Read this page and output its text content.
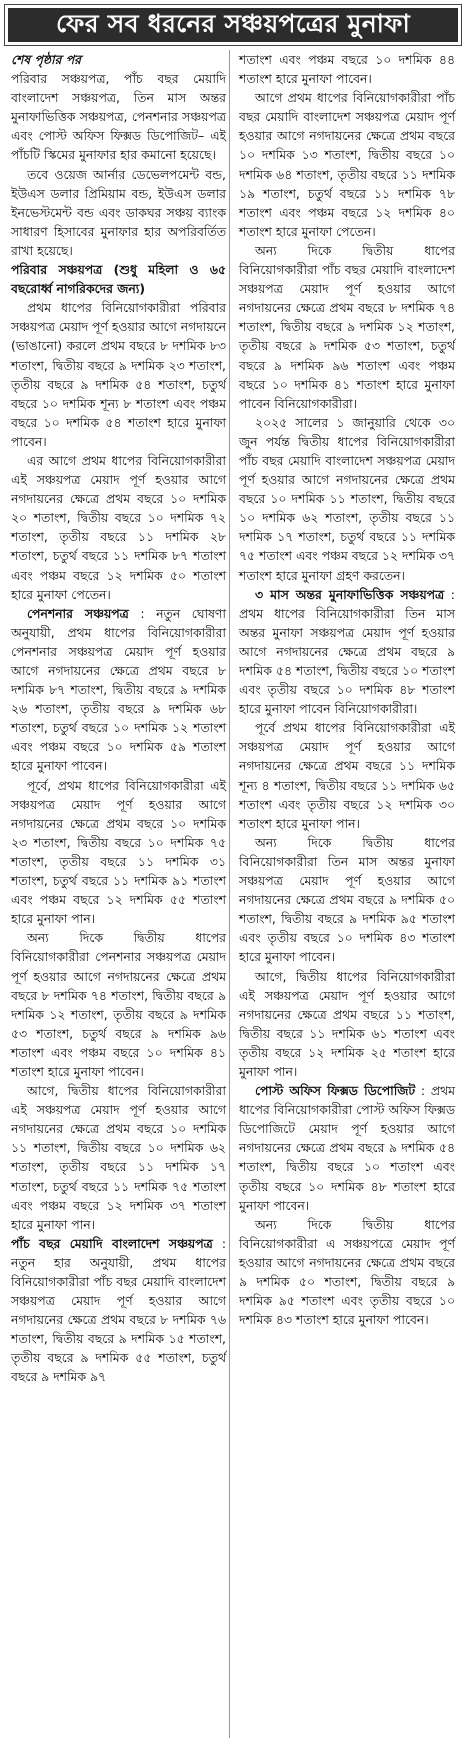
ফের সব ধরনের সঞ্চয়পত্রের মুনাফা

শেষ পৃষ্ঠার পর

পরিবার সঞ্চয়পত্র, পাঁচ বছর মেয়াদি বাংলাদেশ সঞ্চয়পত্র, তিন মাস অন্তর মুনাফাভিত্তিক সঞ্চয়পত্র, পেনশনার সঞ্চয়পত্র এবং পোস্ট অফিস ফিক্সড ডিপোজিট– এই পাঁচটি স্কিমের মুনাফার হার কমানো হয়েছে।

তবে ওয়েজ আর্নার ডেভেলপমেন্ট বন্ড, ইউএস ডলার প্রিমিয়াম বন্ড, ইউএস ডলার ইনভেস্টমেন্ট বন্ড এবং ডাকঘর সঞ্চয় ব্যাংক সাধারণ হিসাবের মুনাফার হার অপরিবর্তিত রাখা হয়েছে।

পরিবার সঞ্চয়পত্র (শুধু মহিলা ও ৬৫ বছরোর্ধ্ব নাগরিকদের জন্য)

প্রথম ধাপের বিনিয়োগকারীরা পরিবার সঞ্চয়পত্র মেয়াদ পূর্ণ হওয়ার আগে নগদায়নে (ভাঙানো) করলে প্রথম বছরে ৮ দশমিক ৮৩ শতাংশ, দ্বিতীয় বছরে ৯ দশমিক ২৩ শতাংশ, তৃতীয় বছরে ৯ দশমিক ৫৪ শতাংশ, চতুর্থ বছরে ১০ দশমিক শূন্য ৮ শতাংশ এবং পঞ্চম বছরে ১০ দশমিক ৫৪ শতাংশ হারে মুনাফা পাবেন।

এর আগে প্রথম ধাপের বিনিয়োগকারীরা এই সঞ্চয়পত্র মেয়াদ পূর্ণ হওয়ার আগে নগদায়নের ক্ষেত্রে প্রথম বছরে ১০ দশমিক ২০ শতাংশ, দ্বিতীয় বছরে ১০ দশমিক ৭২ শতাংশ, তৃতীয় বছরে ১১ দশমিক ২৮ শতাংশ, চতুর্থ বছরে ১১ দশমিক ৮৭ শতাংশ এবং পঞ্চম বছরে ১২ দশমিক ৫০ শতাংশ হারে মুনাফা পেতেন।

পেনশনার সঞ্চয়পত্র : নতুন ঘোষণা অনুযায়ী, প্রথম ধাপের বিনিয়োগকারীরা পেনশনার সঞ্চয়পত্র মেয়াদ পূর্ণ হওয়ার আগে নগদায়নের ক্ষেত্রে প্রথম বছরে ৮ দশমিক ৮৭ শতাংশ, দ্বিতীয় বছরে ৯ দশমিক ২৬ শতাংশ, তৃতীয় বছরে ৯ দশমিক ৬৮ শতাংশ, চতুর্থ বছরে ১০ দশমিক ১২ শতাংশ এবং পঞ্চম বছরে ১০ দশমিক ৫৯ শতাংশ হারে মুনাফা পাবেন।

পূর্বে, প্রথম ধাপের বিনিয়োগকারীরা এই সঞ্চয়পত্র মেয়াদ পূর্ণ হওয়ার আগে নগদায়নের ক্ষেত্রে প্রথম বছরে ১০ দশমিক ২৩ শতাংশ, দ্বিতীয় বছরে ১০ দশমিক ৭৫ শতাংশ, তৃতীয় বছরে ১১ দশমিক ৩১ শতাংশ, চতুর্থ বছরে ১১ দশমিক ৯১ শতাংশ এবং পঞ্চম বছরে ১২ দশমিক ৫৫ শতাংশ হারে মুনাফা পান।

অন্য দিকে দ্বিতীয় ধাপের বিনিয়োগকারীরা পেনশনার সঞ্চয়পত্র মেয়াদ পূর্ণ হওয়ার আগে নগদায়নের ক্ষেত্রে প্রথম বছরে ৮ দশমিক ৭৪ শতাংশ, দ্বিতীয় বছরে ৯ দশমিক ১২ শতাংশ, তৃতীয় বছরে ৯ দশমিক ৫৩ শতাংশ, চতুর্থ বছরে ৯ দশমিক ৯৬ শতাংশ এবং পঞ্চম বছরে ১০ দশমিক ৪১ শতাংশ হারে মুনাফা পাবেন।

আগে, দ্বিতীয় ধাপের বিনিয়োগকারীরা এই সঞ্চয়পত্র মেয়াদ পূর্ণ হওয়ার আগে নগদায়নের ক্ষেত্রে প্রথম বছরে ১০ দশমিক ১১ শতাংশ, দ্বিতীয় বছরে ১০ দশমিক ৬২ শতাংশ, তৃতীয় বছরে ১১ দশমিক ১৭ শতাংশ, চতুর্থ বছরে ১১ দশমিক ৭৫ শতাংশ এবং পঞ্চম বছরে ১২ দশমিক ৩৭ শতাংশ হারে মুনাফা পান।

পাঁচ বছর মেয়াদি বাংলাদেশ সঞ্চয়পত্র : নতুন হার অনুযায়ী, প্রথম ধাপের বিনিয়োগকারীরা পাঁচ বছর মেয়াদি বাংলাদেশ সঞ্চয়পত্র মেয়াদ পূর্ণ হওয়ার আগে নগদায়নের ক্ষেত্রে প্রথম বছরে ৮ দশমিক ৭৬ শতাংশ, দ্বিতীয় বছরে ৯ দশমিক ১৫ শতাংশ, তৃতীয় বছরে ৯ দশমিক ৫৫ শতাংশ, চতুর্থ বছরে ৯ দশমিক ৯৭

শতাংশ এবং পঞ্চম বছরে ১০ দশমিক ৪৪ শতাংশ হারে মুনাফা পাবেন।

আগে প্রথম ধাপের বিনিয়োগকারীরা পাঁচ বছর মেয়াদি বাংলাদেশ সঞ্চয়পত্র মেয়াদ পূর্ণ হওয়ার আগে নগদায়নের ক্ষেত্রে প্রথম বছরে ১০ দশমিক ১৩ শতাংশ, দ্বিতীয় বছরে ১০ দশমিক ৬৪ শতাংশ, তৃতীয় বছরে ১১ দশমিক ১৯ শতাংশ, চতুর্থ বছরে ১১ দশমিক ৭৮ শতাংশ এবং পঞ্চম বছরে ১২ দশমিক ৪০ শতাংশ হারে মুনাফা পেতেন।

অন্য দিকে দ্বিতীয় ধাপের বিনিয়োগকারীরা পাঁচ বছর মেয়াদি বাংলাদেশ সঞ্চয়পত্র মেয়াদ পূর্ণ হওয়ার আগে নগদায়নের ক্ষেত্রে প্রথম বছরে ৮ দশমিক ৭৪ শতাংশ, দ্বিতীয় বছরে ৯ দশমিক ১২ শতাংশ, তৃতীয় বছরে ৯ দশমিক ৫৩ শতাংশ, চতুর্থ বছরে ৯ দশমিক ৯৬ শতাংশ এবং পঞ্চম বছরে ১০ দশমিক ৪১ শতাংশ হারে মুনাফা পাবেন বিনিয়োগকারীরা।

২০২৫ সালের ১ জানুয়ারি থেকে ৩০ জুন পর্যন্ত দ্বিতীয় ধাপের বিনিয়োগকারীরা পাঁচ বছর মেয়াদি বাংলাদেশ সঞ্চয়পত্র মেয়াদ পূর্ণ হওয়ার আগে নগদায়নের ক্ষেত্রে প্রথম বছরে ১০ দশমিক ১১ শতাংশ, দ্বিতীয় বছরে ১০ দশমিক ৬২ শতাংশ, তৃতীয় বছরে ১১ দশমিক ১৭ শতাংশ, চতুর্থ বছরে ১১ দশমিক ৭৫ শতাংশ এবং পঞ্চম বছরে ১২ দশমিক ৩৭ শতাংশ হারে মুনাফা গ্রহণ করতেন।

৩ মাস অন্তর মুনাফাভিত্তিক সঞ্চয়পত্র : প্রথম ধাপের বিনিয়োগকারীরা তিন মাস অন্তর মুনাফা সঞ্চয়পত্র মেয়াদ পূর্ণ হওয়ার আগে নগদায়নের ক্ষেত্রে প্রথম বছরে ৯ দশমিক ৫৪ শতাংশ, দ্বিতীয় বছরে ১০ শতাংশ এবং তৃতীয় বছরে ১০ দশমিক ৪৮ শতাংশ হারে মুনাফা পাবেন বিনিয়োগকারীরা।

পূর্বে প্রথম ধাপের বিনিয়োগকারীরা এই সঞ্চয়পত্র মেয়াদ পূর্ণ হওয়ার আগে নগদায়নের ক্ষেত্রে প্রথম বছরে ১১ দশমিক শূন্য ৪ শতাংশ, দ্বিতীয় বছরে ১১ দশমিক ৬৫ শতাংশ এবং তৃতীয় বছরে ১২ দশমিক ৩০ শতাংশ হারে মুনাফা পান।

অন্য দিকে দ্বিতীয় ধাপের বিনিয়োগকারীরা তিন মাস অন্তর মুনাফা সঞ্চয়পত্র মেয়াদ পূর্ণ হওয়ার আগে নগদায়নের ক্ষেত্রে প্রথম বছরে ৯ দশমিক ৫০ শতাংশ, দ্বিতীয় বছরে ৯ দশমিক ৯৫ শতাংশ এবং তৃতীয় বছরে ১০ দশমিক ৪৩ শতাংশ হারে মুনাফা পাবেন।

আগে, দ্বিতীয় ধাপের বিনিয়োগকারীরা এই সঞ্চয়পত্র মেয়াদ পূর্ণ হওয়ার আগে নগদায়নের ক্ষেত্রে প্রথম বছরে ১১ শতাংশ, দ্বিতীয় বছরে ১১ দশমিক ৬১ শতাংশ এবং তৃতীয় বছরে ১২ দশমিক ২৫ শতাংশ হারে মুনাফা পান।

পোস্ট অফিস ফিক্সড ডিপোজিট : প্রথম ধাপের বিনিয়োগকারীরা পোস্ট অফিস ফিক্সড ডিপোজিটে মেয়াদ পূর্ণ হওয়ার আগে নগদায়নের ক্ষেত্রে প্রথম বছরে ৯ দশমিক ৫৪ শতাংশ, দ্বিতীয় বছরে ১০ শতাংশ এবং তৃতীয় বছরে ১০ দশমিক ৪৮ শতাংশ হারে মুনাফা পাবেন।

অন্য দিকে দ্বিতীয় ধাপের বিনিয়োগকারীরা এ সঞ্চয়পত্রে মেয়াদ পূর্ণ হওয়ার আগে নগদায়নের ক্ষেত্রে প্রথম বছরে ৯ দশমিক ৫০ শতাংশ, দ্বিতীয় বছরে ৯ দশমিক ৯৫ শতাংশ এবং তৃতীয় বছরে ১০ দশমিক ৪৩ শতাংশ হারে মুনাফা পাবেন।
